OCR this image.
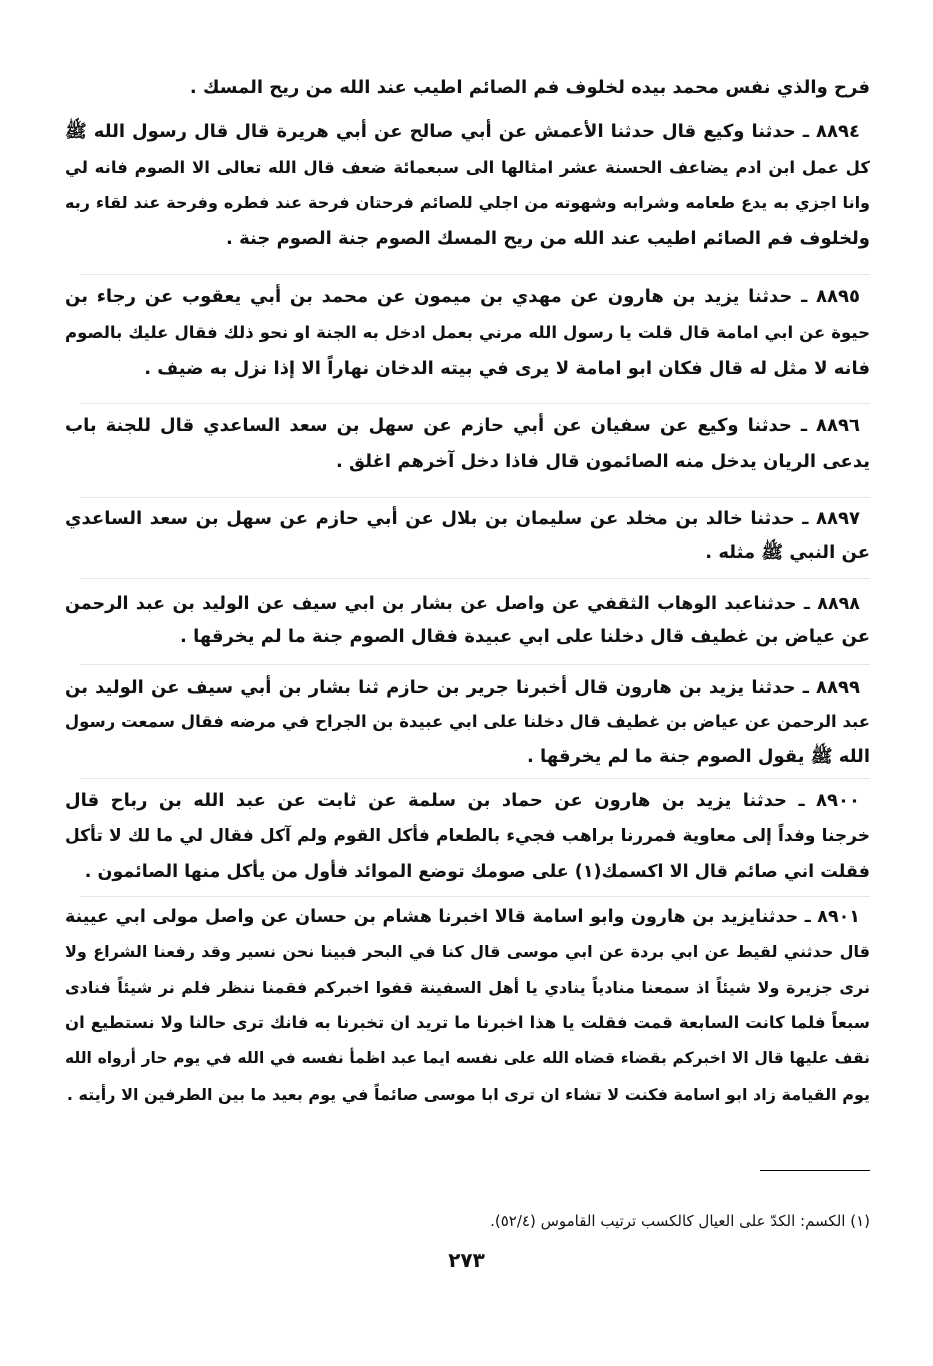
فرح والذي نفس محمد بيده لخلوف فم الصائم اطيب عند الله من ريح المسك .
٨٨٩٤ ـ حدثنا وكيع قال حدثنا الأعمش عن أبي صالح عن أبي هريرة قال قال رسول الله ﷺ
كل عمل ابن ادم يضاعف الحسنة عشر امثالها الى سبعمائة ضعف قال الله تعالى الا الصوم فانه لي
وانا اجزي به يدع طعامه وشرابه وشهوته من اجلي للصائم فرحتان فرحة عند فطره وفرحة عند لقاء ربه
ولخلوف فم الصائم اطيب عند الله من ريح المسك الصوم جنة الصوم جنة .
٨٨٩٥ ـ حدثنا يزيد بن هارون عن مهدي بن ميمون عن محمد بن أبي يعقوب عن رجاء بن
حيوة عن ابي امامة قال قلت يا رسول الله مرني بعمل ادخل به الجنة او نحو ذلك فقال عليك بالصوم
فانه لا مثل له قال فكان ابو امامة لا يرى في بيته الدخان نهاراً الا إذا نزل به ضيف .
٨٨٩٦ ـ حدثنا وكيع عن سفيان عن أبي حازم عن سهل بن سعد الساعدي قال للجنة باب
يدعى الريان يدخل منه الصائمون قال فاذا دخل آخرهم اغلق .
٨٨٩٧ ـ حدثنا خالد بن مخلد عن سليمان بن بلال عن أبي حازم عن سهل بن سعد الساعدي
عن النبي ﷺ مثله .
٨٨٩٨ ـ حدثناعبد الوهاب الثقفي عن واصل عن بشار بن ابي سيف عن الوليد بن عبد الرحمن
عن عياض بن غطيف قال دخلنا على ابي عبيدة فقال الصوم جنة ما لم يخرقها .
٨٨٩٩ ـ حدثنا يزيد بن هارون قال أخبرنا جرير بن حازم ثنا بشار بن أبي سيف عن الوليد بن
عبد الرحمن عن عياض بن غطيف قال دخلنا على ابي عبيدة بن الجراح في مرضه فقال سمعت رسول
الله ﷺ يقول الصوم جنة ما لم يخرقها .
٨٩٠٠ ـ حدثنا يزيد بن هارون عن حماد بن سلمة عن ثابت عن عبد الله بن رباح قال
خرجنا وفداً إلى معاوية فمررنا براهب فجيء بالطعام فأكل القوم ولم آكل فقال لي ما لك لا تأكل
فقلت اني صائم قال الا اكسمك(١) على صومك توضع الموائد فأول من يأكل منها الصائمون .
٨٩٠١ ـ حدثنايزيد بن هارون وابو اسامة قالا اخبرنا هشام بن حسان عن واصل مولى ابي عيينة
قال حدثني لقيط عن ابي بردة عن ابي موسى قال كنا في البحر فبينا نحن نسير وقد رفعنا الشراع ولا
نرى جزيرة ولا شيئاً اذ سمعنا منادياً ينادي يا أهل السفينة قفوا اخبركم فقمنا ننظر فلم نر شيئاً فنادى
سبعاً فلما كانت السابعة قمت فقلت يا هذا اخبرنا ما تريد ان تخبرنا به فانك ترى حالنا ولا نستطيع ان
نقف عليها قال الا اخبركم بقضاء قضاه الله على نفسه ايما عبد اظمأ نفسه في الله في يوم حار أرواه الله
يوم القيامة زاد ابو اسامة فكنت لا تشاء ان ترى ابا موسى صائماً في يوم بعيد ما بين الطرفين الا رأيته .
(١) الكسم: الكدّ على العيال كالكسب ترتيب القاموس (٥٢/٤).
٢٧٣
